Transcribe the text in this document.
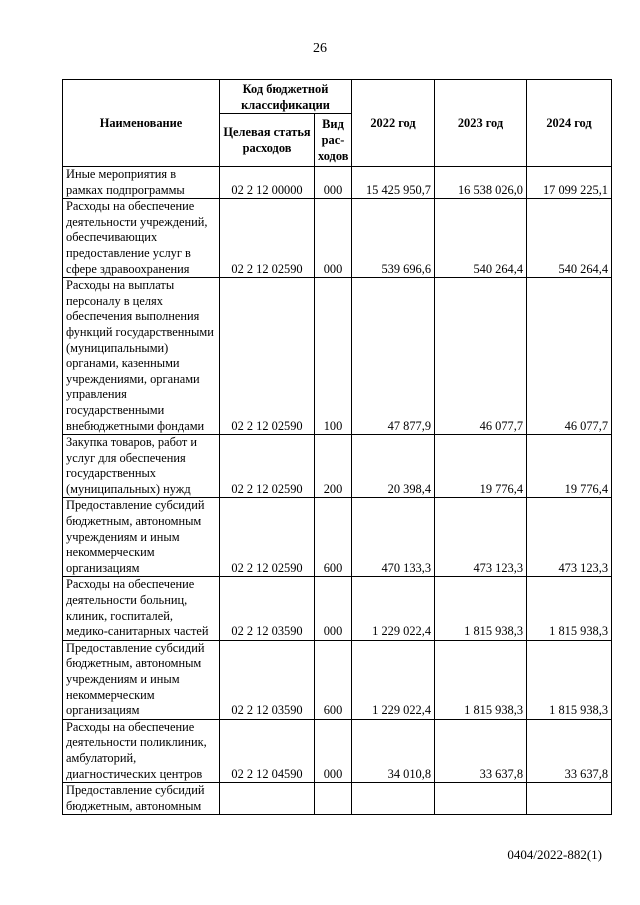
26
Наименование	Код бюджетной классификации		2022 год	2023 год	2024 год
	Целевая статья расходов	Вид рас-ходов			
Иные мероприятия в рамках подпрограммы	02 2 12 00000	000	15 425 950,7	16 538 026,0	17 099 225,1
Расходы на обеспечение деятельности учреждений, обеспечивающих предоставление услуг в сфере здравоохранения	02 2 12 02590	000	539 696,6	540 264,4	540 264,4
Расходы на выплаты персоналу в целях обеспечения выполнения функций государственными (муниципальными) органами, казенными учреждениями, органами управления государственными внебюджетными фондами	02 2 12 02590	100	47 877,9	46 077,7	46 077,7
Закупка товаров, работ и услуг для обеспечения государственных (муниципальных) нужд	02 2 12 02590	200	20 398,4	19 776,4	19 776,4
Предоставление субсидий бюджетным, автономным учреждениям и иным некоммерческим организациям	02 2 12 02590	600	470 133,3	473 123,3	473 123,3
Расходы на обеспечение деятельности больниц, клиник, госпиталей, медико-санитарных частей	02 2 12 03590	000	1 229 022,4	1 815 938,3	1 815 938,3
Предоставление субсидий бюджетным, автономным учреждениям и иным некоммерческим организациям	02 2 12 03590	600	1 229 022,4	1 815 938,3	1 815 938,3
Расходы на обеспечение деятельности поликлиник, амбулаторий, диагностических центров	02 2 12 04590	000	34 010,8	33 637,8	33 637,8
Предоставление субсидий бюджетным, автономным					
0404/2022-882(1)
